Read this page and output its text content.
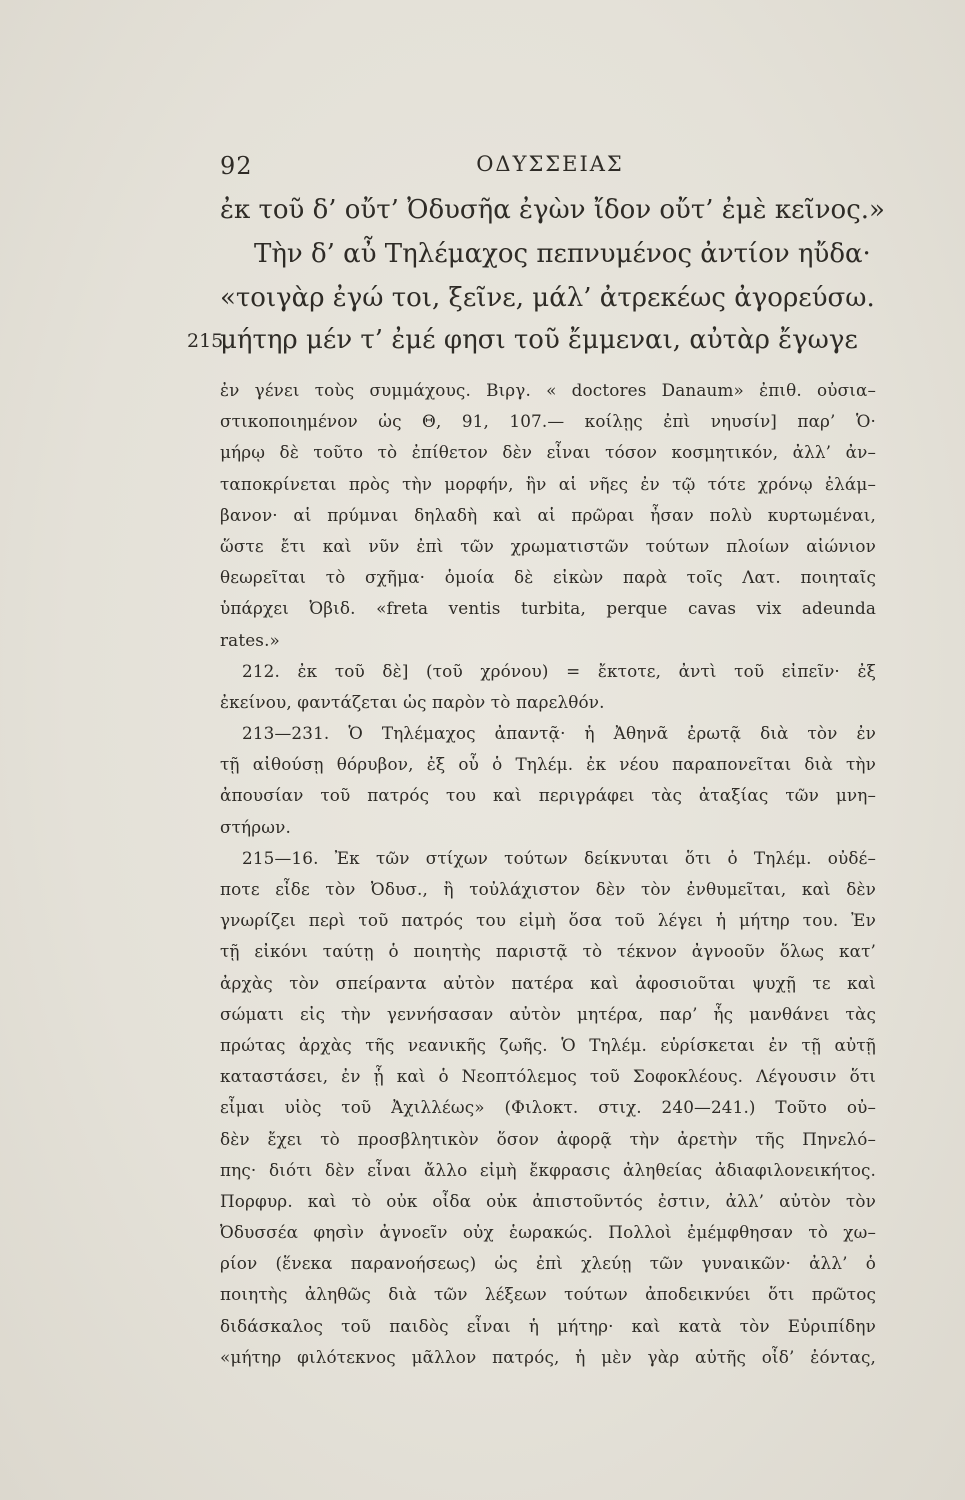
92	ΟΔΥΣΣΕΙΑΣ
ἐκ τοῦ δ’ οὔτ’ Ὀδυσῆα ἐγὼν ἴδον οὔτ’ ἐμὲ κεῖνος.»
Τὴν δ’ αὖ Τηλέμαχος πεπνυμένος ἀντίον ηὔδα·
«τοιγὰρ ἐγώ τοι, ξεῖνε, μάλ’ ἀτρεκέως ἀγορεύσω.
215
μήτηρ μέν τ’ ἐμέ φησι τοῦ ἔμμεναι, αὐτὰρ ἔγωγε
ἐν γένει τοὺς συμμάχους. Βιργ. « doctores Danaum» ἐπιθ. οὐσια–
στικοποιημένον ὡς Θ, 91, 107.— κοίλῃς ἐπὶ νηυσίν] παρ’ Ὁ·
μήρῳ δὲ τοῦτο τὸ ἐπίθετον δὲν εἶναι τόσον κοσμητικόν, ἀλλ’ ἀν–
ταποκρίνεται πρὸς τὴν μορφήν, ἣν αἱ νῆες ἐν τῷ τότε χρόνῳ ἐλάμ–
βανον· αἱ πρύμναι δηλαδὴ καὶ αἱ πρῶραι ἦσαν πολὺ κυρτωμέναι,
ὥστε ἔτι καὶ νῦν ἐπὶ τῶν χρωματιστῶν τούτων πλοίων αἰώνιον
θεωρεῖται τὸ σχῆμα· ὁμοία δὲ εἰκὼν παρὰ τοῖς Λατ. ποιηταῖς
ὑπάρχει Ὀβιδ. «freta ventis turbita, perque cavas vix adeunda
rates.»
212. ἐκ τοῦ δὲ] (τοῦ χρόνου) = ἔκτοτε, ἀντὶ τοῦ εἰπεῖν· ἐξ
ἐκείνου, φαντάζεται ὡς παρὸν τὸ παρελθόν.
213—231. Ὁ Τηλέμαχος ἀπαντᾷ· ἡ Ἀθηνᾶ ἐρωτᾷ διὰ τὸν ἐν
τῇ αἰθούσῃ θόρυβον, ἐξ οὗ ὁ Τηλέμ. ἐκ νέου παραπονεῖται διὰ τὴν
ἀπουσίαν τοῦ πατρός του καὶ περιγράφει τὰς ἀταξίας τῶν μνη–
στήρων.
215—16. Ἐκ τῶν στίχων τούτων δείκνυται ὅτι ὁ Τηλέμ. οὐδέ–
ποτε εἶδε τὸν Ὀδυσ., ἢ τοὐλάχιστον δὲν τὸν ἐνθυμεῖται, καὶ δὲν
γνωρίζει περὶ τοῦ πατρός του εἰμὴ ὅσα τοῦ λέγει ἡ μήτηρ του. Ἐν
τῇ εἰκόνι ταύτῃ ὁ ποιητὴς παριστᾷ τὸ τέκνον ἀγνοοῦν ὅλως κατ’
ἀρχὰς τὸν σπείραντα αὐτὸν πατέρα καὶ ἀφοσιοῦται ψυχῇ τε καὶ
σώματι εἰς τὴν γεννήσασαν αὐτὸν μητέρα, παρ’ ἧς μανθάνει τὰς
πρώτας ἀρχὰς τῆς νεανικῆς ζωῆς. Ὁ Τηλέμ. εὑρίσκεται ἐν τῇ αὐτῇ
καταστάσει, ἐν ᾗ καὶ ὁ Νεοπτόλεμος τοῦ Σοφοκλέους. Λέγουσιν ὅτι
εἶμαι υἱὸς τοῦ Ἀχιλλέως» (Φιλοκτ. στιχ. 240—241.) Τοῦτο οὐ–
δὲν ἔχει τὸ προσβλητικὸν ὅσον ἀφορᾷ τὴν ἀρετὴν τῆς Πηνελό–
πης· διότι δὲν εἶναι ἄλλο εἰμὴ ἔκφρασις ἀληθείας ἀδιαφιλονεικήτος.
Πορφυρ. καὶ τὸ οὐκ οἶδα οὐκ ἀπιστοῦντός ἐστιν, ἀλλ’ αὐτὸν τὸν
Ὀδυσσέα φησὶν ἀγνοεῖν οὐχ ἑωρακώς. Πολλοὶ ἐμέμφθησαν τὸ χω–
ρίον (ἕνεκα παρανοήσεως) ὡς ἐπὶ χλεύῃ τῶν γυναικῶν· ἀλλ’ ὁ
ποιητὴς ἀληθῶς διὰ τῶν λέξεων τούτων ἀποδεικνύει ὅτι πρῶτος
διδάσκαλος τοῦ παιδὸς εἶναι ἡ μήτηρ· καὶ κατὰ τὸν Εὐριπίδην
«μήτηρ φιλότεκνος μᾶλλον πατρός, ἡ μὲν γὰρ αὐτῆς οἶδ’ ἐόντας,
